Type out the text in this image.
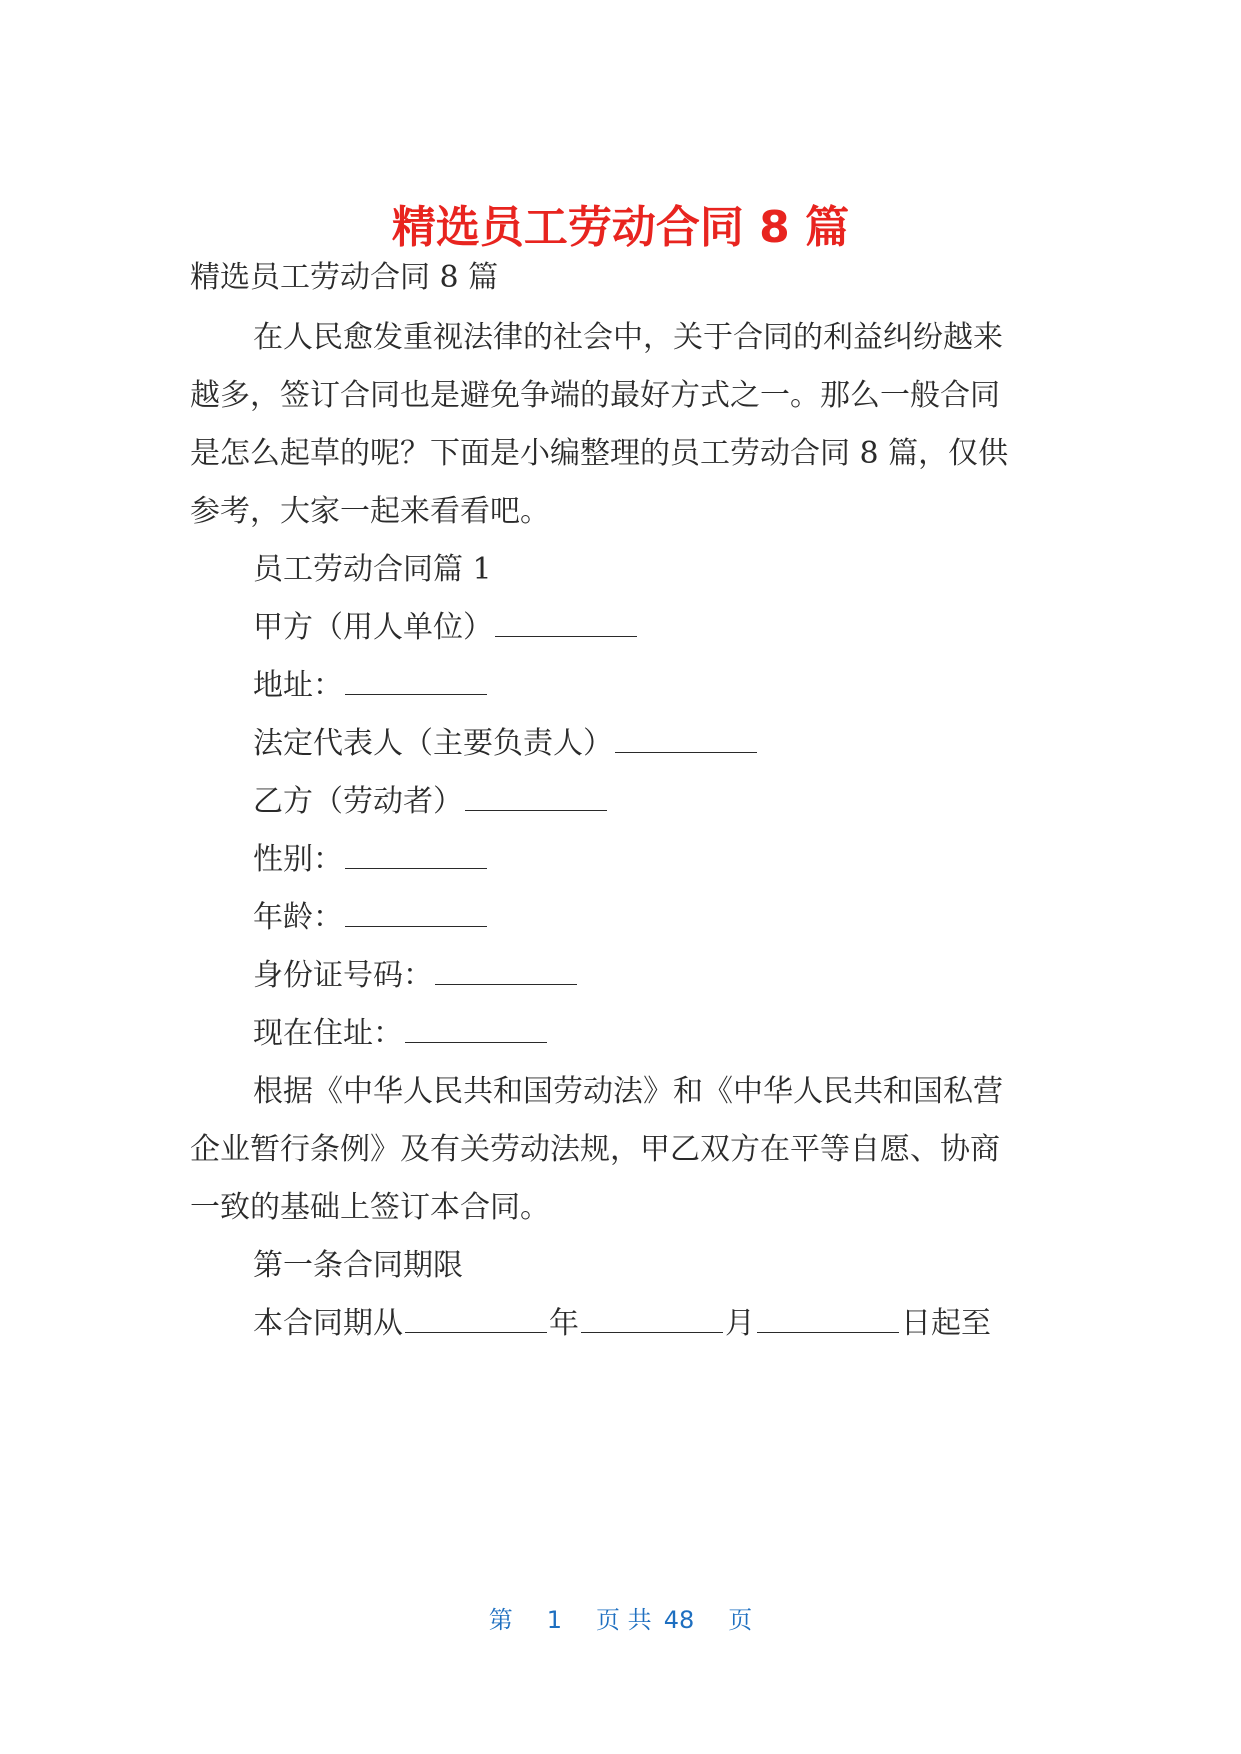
精选员工劳动合同 8 篇

精选员工劳动合同 8 篇

在人民愈发重视法律的社会中，关于合同的利益纠纷越来

越多，签订合同也是避免争端的最好方式之一。那么一般合同

是怎么起草的呢？下面是小编整理的员工劳动合同 8 篇，仅供

参考，大家一起来看看吧。

员工劳动合同篇 1

甲方（用人单位）

地址：

法定代表人（主要负责人）

乙方（劳动者）

性别：

年龄：

身份证号码：

现在住址：

根据《中华人民共和国劳动法》和《中华人民共和国私营

企业暂行条例》及有关劳动法规，甲乙双方在平等自愿、协商

一致的基础上签订本合同。

第一条合同期限

本合同期从	年	月	日起至

第 1 页 共 48 页
